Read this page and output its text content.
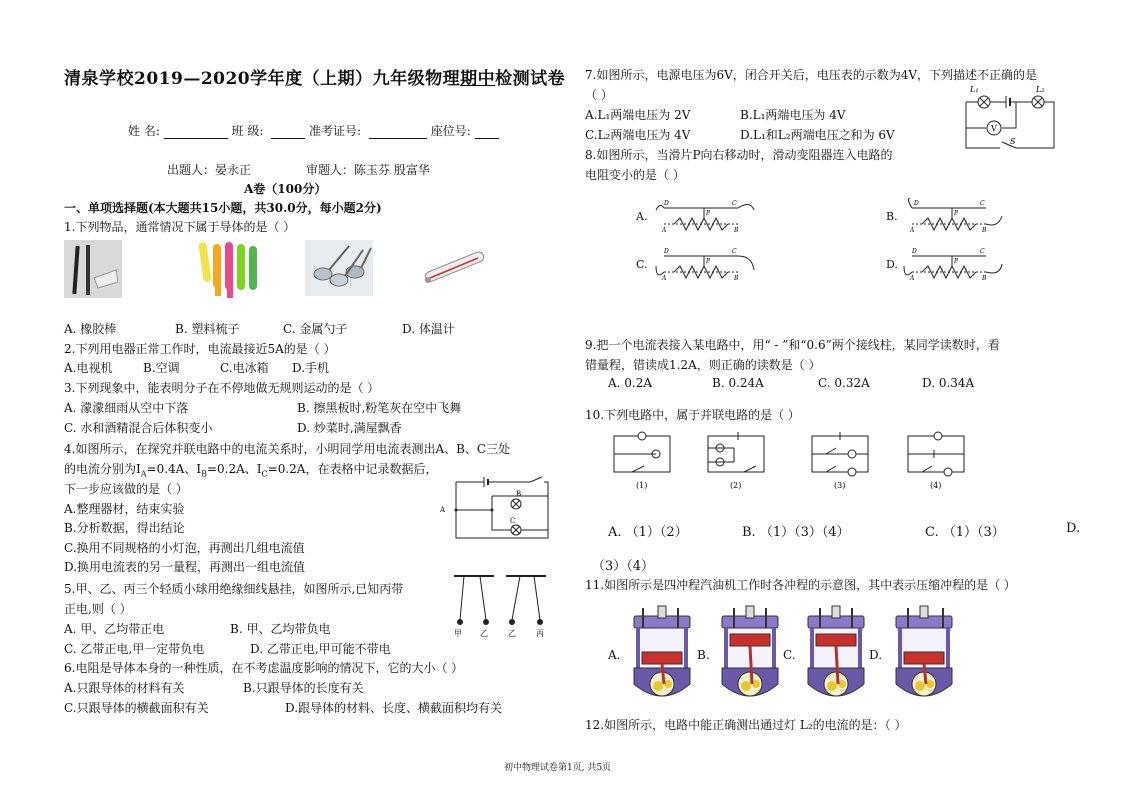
清泉学校2019—2020学年度（上期）九年级物理期中检测试卷
姓 名:	班 级:	准考证号:	座位号:
出题人：晏永正	审题人：陈玉芬 殷富华
A卷（100分）
一、单项选择题(本大题共15小题，共30.0分，每小题2分)
1.下列物品，通常情况下属于导体的是（ ）
A. 橡胶棒	B. 塑料梳子	C. 金属勺子	D. 体温计
2.下列用电器正常工作时，电流最接近5A的是（ ）
A.电视机	B.空调	C.电冰箱 D.手机
3.下列现象中，能表明分子在不停地做无规则运动的是（ ）
A. 濛濛细雨从空中下落	B. 擦黑板时,粉笔灰在空中飞舞
C. 水和酒精混合后体积变小	D. 炒菜时,满屋飘香
4.如图所示，在探究并联电路中的电流关系时，小明同学用电流表测出A、B、C三处
的电流分别为$I_A=0.4A$、$I_B=0.2A$、$I_C=0.2A$，在表格中记录数据后，
下一步应该做的是（ ）
A.整理器材，结束实验
B.分析数据，得出结论
C.换用不同规格的小灯泡，再测出几组电流值
D.换用电流表的另一量程，再测出一组电流值
A
B
C
5.甲、乙、丙三个轻质小球用绝缘细线悬挂，如图所示,已知丙带
正电,则（ ）
A. 甲、乙均带正电	B. 甲、乙均带负电
C. 乙带正电,甲一定带负电	D. 乙带正电,甲可能不带电
甲 乙	乙	丙
6.电阻是导体本身的一种性质，在不考虑温度影响的情况下，它的大小（ ）
A.只跟导体的材料有关	B.只跟导体的长度有关
C.只跟导体的横截面积有关	D.跟导体的材料、长度、横截面积均有关
7.如图所示，电源电压为6V，闭合开关后，电压表的示数为4V，下列描述不正确的是
（ ）
A.L₁两端电压为 2V	B.L₁两端电压为 4V
C.L₂两端电压为 4V	D.L₁和L₂两端电压之和为 6V
L₁	L₂
V
S
8.如图所示，当滑片P向右移动时，滑动变阻器连入电路的
电阻变小的是（ ）
A.	B.
C.	D.
D	C
A	B
P
D	C
A	B
P
D	C
A	B
P
D	C
A	B
P
9.把一个电流表接入某电路中，用“ - ”和“0.6”两个接线柱，某同学读数时，看
错量程，错读成1.2A，则正确的读数是（ ）
A. 0.2A	B. 0.24A	C. 0.32A	D. 0.34A
10.下列电路中，属于并联电路的是（ ）
(1)	(2)	(3)	(4)
A. （1）（2）	B. （1）（3）（4）	C. （1）（3）	D.
（3）（4）
11.如图所示是四冲程汽油机工作时各冲程的示意图，其中表示压缩冲程的是（ ）
A.	B.	C.	D.
12.如图所示，电路中能正确测出通过灯 L₂的电流的是：（ ）
初中物理试卷第1页, 共5页
